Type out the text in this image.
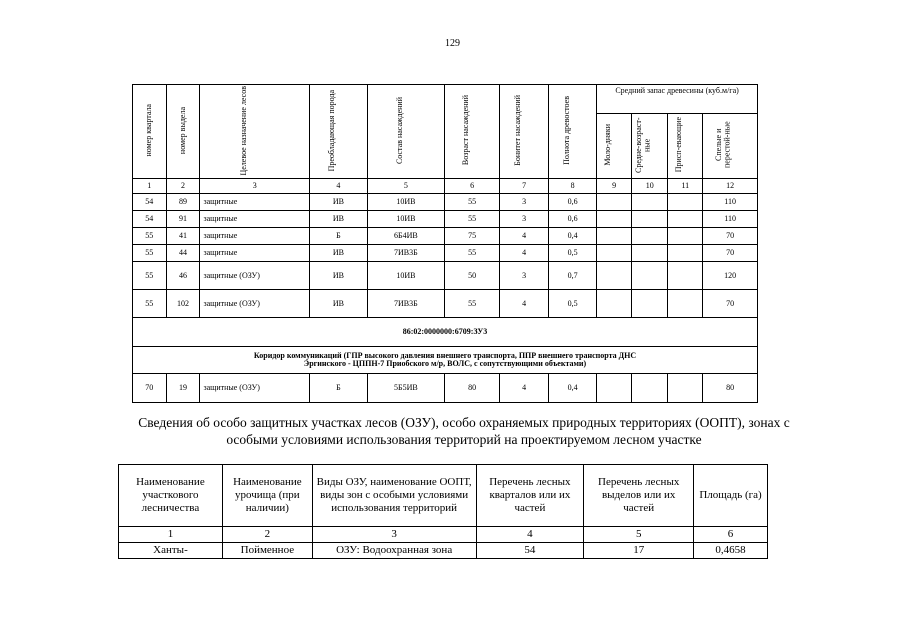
129
номер квартала	номер выдела	Целевое назначение лесов	Преобладающая порода	Состав насаждений	Возраст насаждений	Бонитет насаждений	Полнота древостоев	Средний запас древесины (куб.м/га)			
								Моло-дняки	Средне-возраст-ные	Присп-евающие	Спелые и перестой-ные
1	2	3	4	5	6	7	8	9	10	11	12
54	89	защитные	ИВ	10ИВ	55	3	0,6				110
54	91	защитные	ИВ	10ИВ	55	3	0,6				110
55	41	защитные	Б	6Б4ИВ	75	4	0,4				70
55	44	защитные	ИВ	7ИВ3Б	55	4	0,5				70
55	46	защитные (ОЗУ)	ИВ	10ИВ	50	3	0,7				120
55	102	защитные (ОЗУ)	ИВ	7ИВ3Б	55	4	0,5				70
86:02:0000000:6709:ЗУ3											

Коридор коммуникаций (ГПР высокого давления внешнего транспорта, ППР внешнего транспорта ДНС
Эргинского - ЦППН-7 Приобского м/р, ВОЛС, с сопутствующими объектами)											

70	19	защитные (ОЗУ)	Б	5Б5ИВ	80	4	0,4				80
Сведения об особо защитных участках лесов (ОЗУ), особо охраняемых природных территориях (ООПТ), зонах с
особыми условиями использования территорий на проектируемом лесном участке
Наименование участкового лесничества	Наименование урочища (при наличии)	Виды ОЗУ, наименование ООПТ, виды зон с особыми условиями использования территорий	Перечень лесных кварталов или их частей	Перечень лесных выделов или их частей	Площадь (га)
1	2	3	4	5	6
Ханты-	Пойменное	ОЗУ: Водоохранная зона	54	17	0,4658
